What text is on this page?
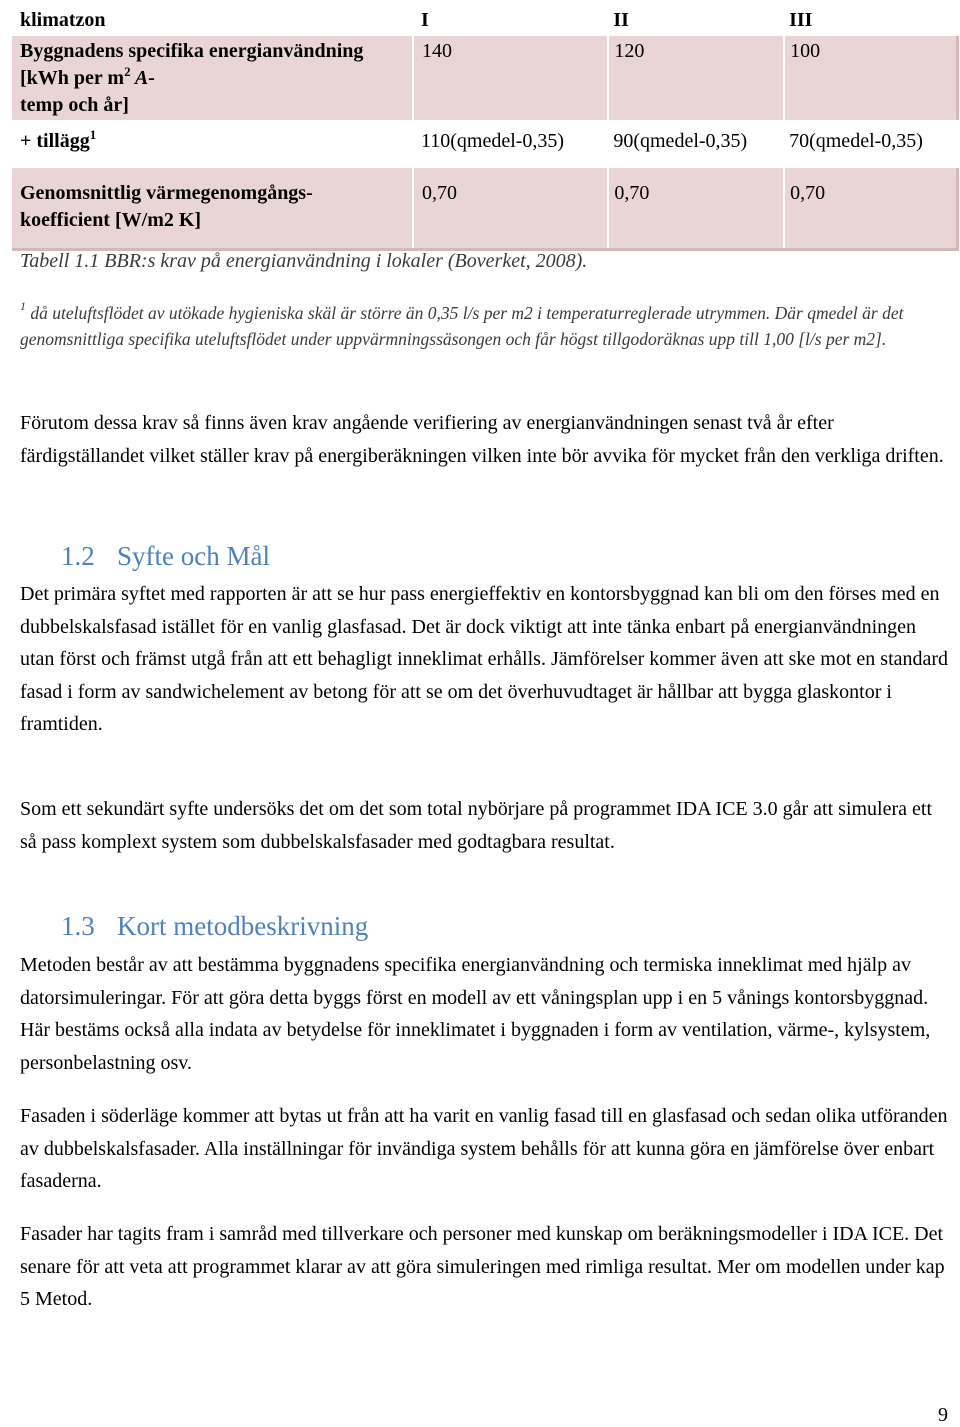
klimatzon	I	II	III
Byggnadens specifika energianvändning [kWh per $m^2$ A-
temp och år]	140	120	100
+ tillägg$^1$	110(qmedel-0,35)	90(qmedel-0,35)	70(qmedel-0,35)
Genomsnittlig värmegenomgångs-koefficient [W/m2 K]	0,70	0,70	0,70
Tabell 1.1 BBR:s krav på energianvändning i lokaler (Boverket, 2008).
$^1$ då uteluftsflödet av utökade hygieniska skäl är större än 0,35 l/s per m2 i temperaturreglerade utrymmen. Där qmedel är det genomsnittliga specifika uteluftsflödet under uppvärmningssäsongen och får högst tillgodoräknas upp till 1,00 [l/s per m2].
Förutom dessa krav så finns även krav angående verifiering av energianvändningen senast två år efter färdigställandet vilket ställer krav på energiberäkningen vilken inte bör avvika för mycket från den verkliga driften.
1.2 Syfte och Mål
Det primära syftet med rapporten är att se hur pass energieffektiv en kontorsbyggnad kan bli om den förses med en dubbelskalsfasad istället för en vanlig glasfasad. Det är dock viktigt att inte tänka enbart på energianvändningen utan först och främst utgå från att ett behagligt inneklimat erhålls. Jämförelser kommer även att ske mot en standard fasad i form av sandwichelement av betong för att se om det överhuvudtaget är hållbar att bygga glaskontor i framtiden.
Som ett sekundärt syfte undersöks det om det som total nybörjare på programmet IDA ICE 3.0 går att simulera ett så pass komplext system som dubbelskalsfasader med godtagbara resultat.
1.3 Kort metodbeskrivning
Metoden består av att bestämma byggnadens specifika energianvändning och termiska inneklimat med hjälp av datorsimuleringar. För att göra detta byggs först en modell av ett våningsplan upp i en 5 vånings kontorsbyggnad. Här bestäms också alla indata av betydelse för inneklimatet i byggnaden i form av ventilation, värme-, kylsystem, personbelastning osv.
Fasaden i söderläge kommer att bytas ut från att ha varit en vanlig fasad till en glasfasad och sedan olika utföranden av dubbelskalsfasader. Alla inställningar för invändiga system behålls för att kunna göra en jämförelse över enbart fasaderna.
Fasader har tagits fram i samråd med tillverkare och personer med kunskap om beräkningsmodeller i IDA ICE. Det senare för att veta att programmet klarar av att göra simuleringen med rimliga resultat. Mer om modellen under kap 5 Metod.
9
